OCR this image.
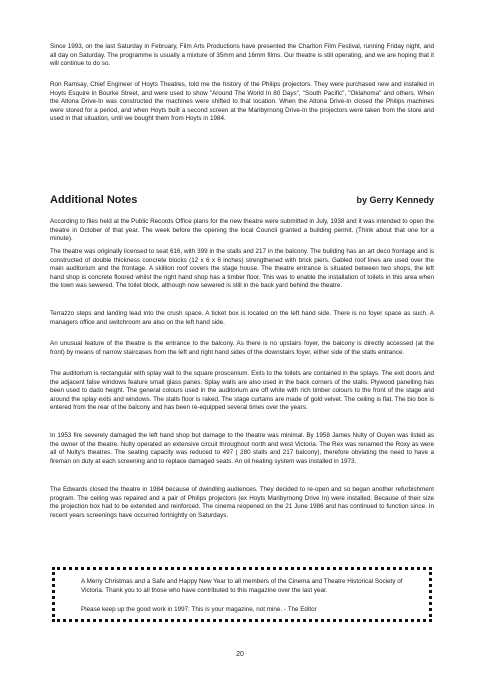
Since 1993, on the last Saturday in February, Film Arts Productions have presented the Charlton Film Festival, running Friday night, and all day on Saturday. The programme is usually a mixture of 35mm and 16mm films. Our theatre is still operating, and we are hoping that it will continue to do so.

Ron Ramsay, Chief Engineer of Hoyts Theatres, told me the history of the Philips projectors. They were purchased new and installed in Hoyts Esquire in Bourke Street, and were used to show "Around The World In 80 Days", "South Pacific", "Oklahoma" and others. When the Altona Drive-In was constructed the machines were shifted to that location. When the Altona Drive-In closed the Philips machines were stored for a period, and when Hoyts built a second screen at the Maribyrnong Drive-In the projectors were taken from the store and used in that situation, until we bought them from Hoyts in 1984.

Additional Notes	by Gerry Kennedy

According to files held at the Public Records Office plans for the new theatre were submitted in July, 1938 and it was intended to open the theatre in October of that year. The week before the opening the local Council granted a building permit. (Think about that one for a minute).

The theatre was originally licensed to seat 616, with 399 in the stalls and 217 in the balcony. The building has an art deco frontage and is constructed of double thickness concrete blocks (12 x 6 x 6 inches) strengthened with brick piers. Gabled roof lines are used over the main auditorium and the frontage. A skillion roof covers the stage house. The theatre entrance is situated between two shops, the left hand shop is concrete floored whilst the right hand shop has a timber floor. This was to enable the installation of toilets in this area when the town was sewered. The toilet block, although now sewered is still in the back yard behind the theatre.

Terrazzo steps and landing lead into the crush space. A ticket box is located on the left hand side. There is no foyer space as such. A managers office and switchroom are also on the left hand side.

An unusual feature of the theatre is the entrance to the balcony. As there is no upstairs foyer, the balcony is directly accessed (at the front) by means of narrow staircases from the left and right hand sides of the downstairs foyer, either side of the stalls entrance.

The auditorium is rectangular with splay wall to the square proscenium. Exits to the toilets are contained in the splays. The exit doors and the adjacent false windows feature small glass panes. Splay walls are also used in the back corners of the stalls. Plywood panelling has been used to dado height. The general colours used in the auditorium are off white with rich timber colours to the front of the stage and around the splay exits and windows. The stalls floor is raked. The stage curtains are made of gold velvet. The ceiling is flat. The bio box is entered from the rear of the balcony and has been re-equipped several times over the years.

In 1953 fire severely damaged the left hand shop but damage to the theatre was minimal. By 1958 James Nulty of Ouyen was listed as the owner of the theatre. Nulty operated an extensive circuit throughout north and west Victoria. The Rex was renamed the Roxy as were all of Nulty's theatres. The seating capacity was reduced to 497 ( 280 stalls and 217 balcony), therefore obviating the need to have a fireman on duty at each screening and to replace damaged seats. An oil heating system was installed in 1973.

The Edwards closed the theatre in 1984 because of dwindling audiences. They decided to re-open and so began another refurbishment program. The ceiling was repaired and a pair of Philips projectors (ex Hoyts Maribyrnong Drive In) were installed. Because of their size the projection box had to be extended and reinforced. The cinema reopened on the 21 June 1986 and has continued to function since. In recent years screenings have occurred fortnightly on Saturdays.

A Merry Christmas and a Safe and Happy New Year to all members of the Cinema and Theatre Historical Society of Victoria. Thank you to all those who have contributed to this magazine over the last year.

Please keep up the good work in 1997. This is your magazine, not mine. - The Editor

20
